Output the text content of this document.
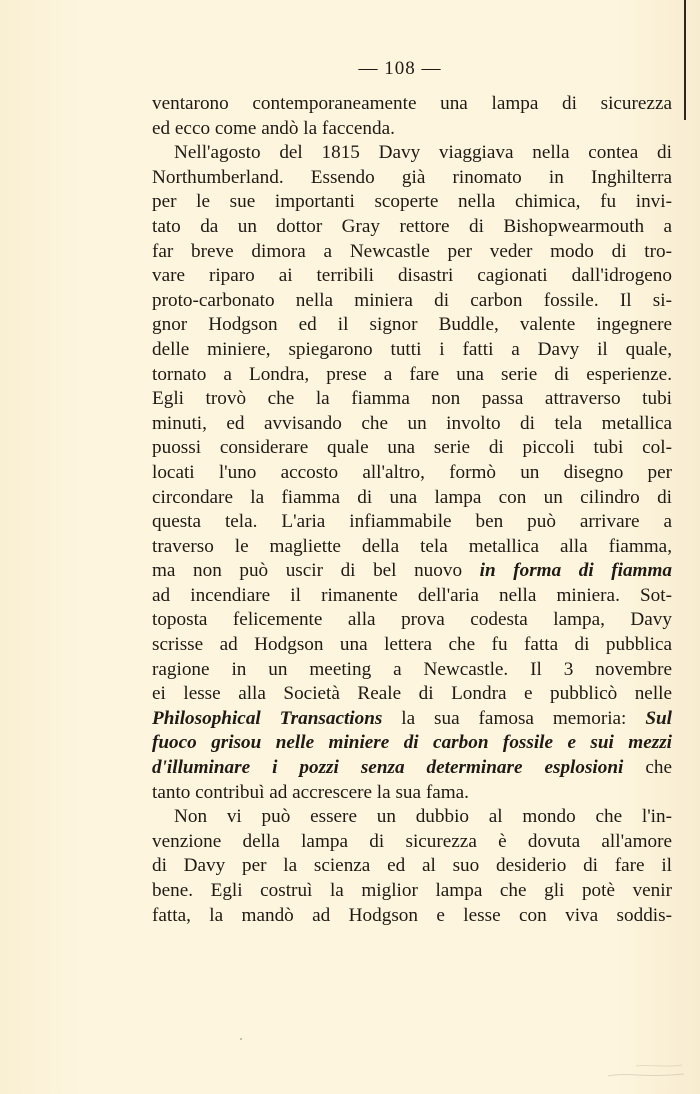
— 108 —
ventarono contemporaneamente una lampa di sicurezza
ed ecco come andò la faccenda.
Nell'agosto del 1815 Davy viaggiava nella contea di
Northumberland. Essendo già rinomato in Inghilterra
per le sue importanti scoperte nella chimica, fu invi-
tato da un dottor Gray rettore di Bishopwearmouth a
far breve dimora a Newcastle per veder modo di tro-
vare riparo ai terribili disastri cagionati dall'idrogeno
proto-carbonato nella miniera di carbon fossile. Il si-
gnor Hodgson ed il signor Buddle, valente ingegnere
delle miniere, spiegarono tutti i fatti a Davy il quale,
tornato a Londra, prese a fare una serie di esperienze.
Egli trovò che la fiamma non passa attraverso tubi
minuti, ed avvisando che un involto di tela metallica
puossi considerare quale una serie di piccoli tubi col-
locati l'uno accosto all'altro, formò un disegno per
circondare la fiamma di una lampa con un cilindro di
questa tela. L'aria infiammabile ben può arrivare a
traverso le magliette della tela metallica alla fiamma,
ma non può uscir di bel nuovo in forma di fiamma
ad incendiare il rimanente dell'aria nella miniera. Sot-
toposta felicemente alla prova codesta lampa, Davy
scrisse ad Hodgson una lettera che fu fatta di pubblica
ragione in un meeting a Newcastle. Il 3 novembre
ei lesse alla Società Reale di Londra e pubblicò nelle
Philosophical Transactions la sua famosa memoria: Sul
fuoco grisou nelle miniere di carbon fossile e sui mezzi
d'illuminare i pozzi senza determinare esplosioni che
tanto contribuì ad accrescere la sua fama.
Non vi può essere un dubbio al mondo che l'in-
venzione della lampa di sicurezza è dovuta all'amore
di Davy per la scienza ed al suo desiderio di fare il
bene. Egli costruì la miglior lampa che gli potè venir
fatta, la mandò ad Hodgson e lesse con viva soddis-
